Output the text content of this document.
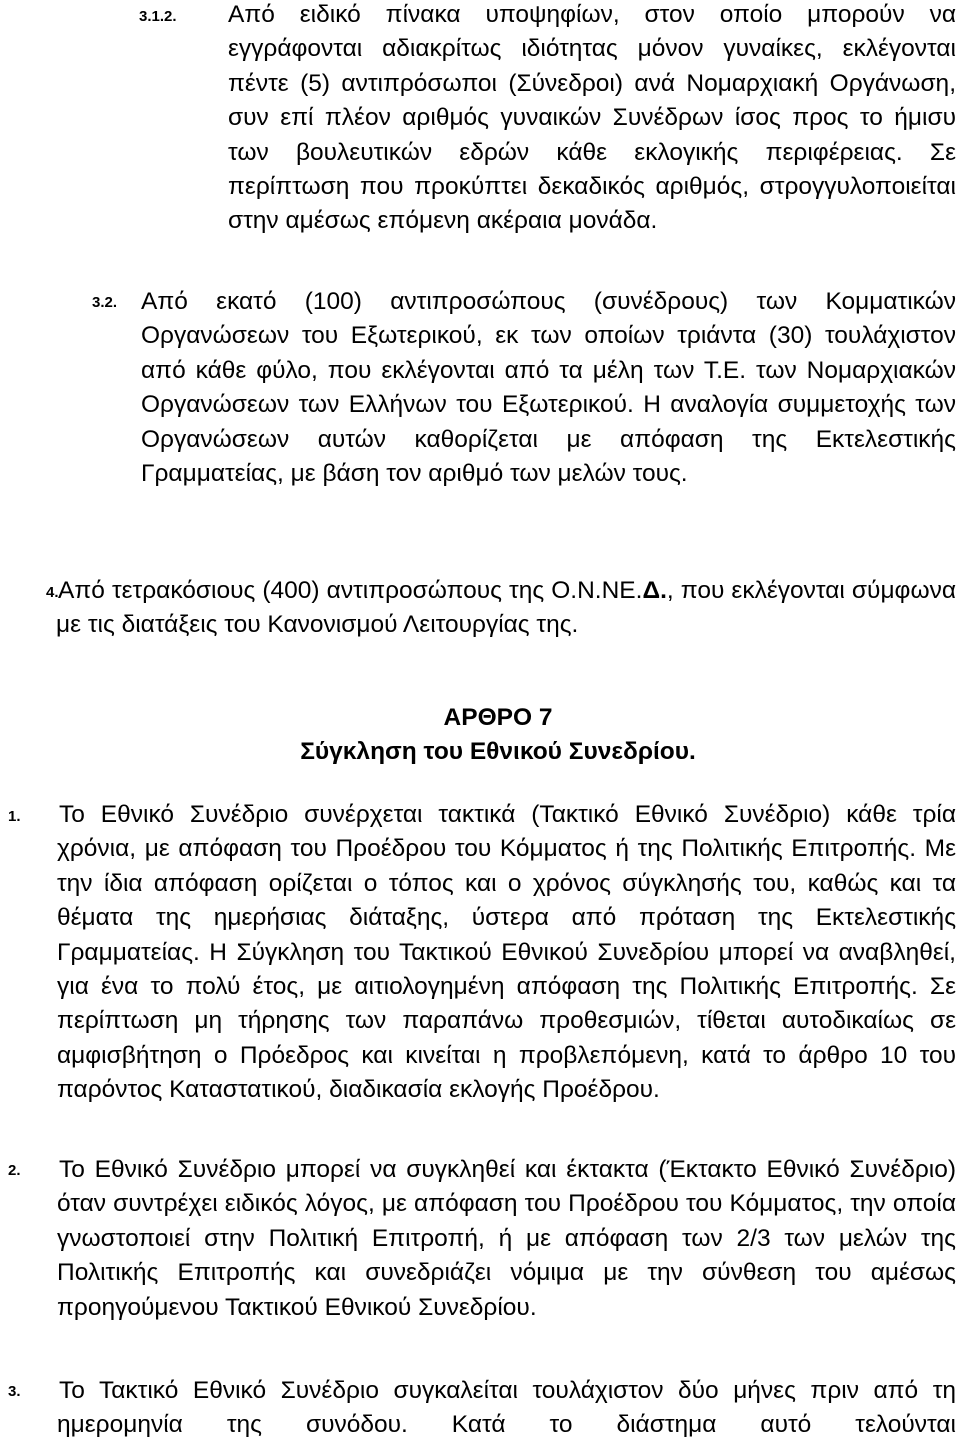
3.1.2. Από ειδικό πίνακα υποψηφίων, στον οποίο μπορούν να εγγράφονται αδιακρίτως ιδιότητας μόνον γυναίκες, εκλέγονται πέντε (5) αντιπρόσωποι (Σύνεδροι) ανά Νομαρχιακή Οργάνωση, συν επί πλέον αριθμός γυναικών Συνέδρων ίσος προς το ήμισυ των βουλευτικών εδρών κάθε εκλογικής περιφέρειας. Σε περίπτωση που προκύπτει δεκαδικός αριθμός, στρογγυλοποιείται στην αμέσως επόμενη ακέραια μονάδα.
3.2. Από εκατό (100) αντιπροσώπους (συνέδρους) των Κομματικών Οργανώσεων του Εξωτερικού, εκ των οποίων τριάντα (30) τουλάχιστον από κάθε φύλο, που εκλέγονται από τα μέλη των Τ.Ε. των Νομαρχιακών Οργανώσεων των Ελλήνων του Εξωτερικού. Η αναλογία συμμετοχής των Οργανώσεων αυτών καθορίζεται με απόφαση της Εκτελεστικής Γραμματείας, με βάση τον αριθμό των μελών τους.
4. Από τετρακόσιους (400) αντιπροσώπους της Ο.Ν.ΝΕ.Δ., που εκλέγονται σύμφωνα με τις διατάξεις του Κανονισμού Λειτουργίας της.
ΑΡΘΡΟ 7
Σύγκληση του Εθνικού Συνεδρίου.
1. Το Εθνικό Συνέδριο συνέρχεται τακτικά (Τακτικό Εθνικό Συνέδριο) κάθε τρία χρόνια, με απόφαση του Προέδρου του Κόμματος ή της Πολιτικής Επιτροπής. Με την ίδια απόφαση ορίζεται ο τόπος και ο χρόνος σύγκλησής του, καθώς και τα θέματα της ημερήσιας διάταξης, ύστερα από πρόταση της Εκτελεστικής Γραμματείας. Η Σύγκληση του Τακτικού Εθνικού Συνεδρίου μπορεί να αναβληθεί, για ένα το πολύ έτος, με αιτιολογημένη απόφαση της Πολιτικής Επιτροπής. Σε περίπτωση μη τήρησης των παραπάνω προθεσμιών, τίθεται αυτοδικαίως σε αμφισβήτηση ο Πρόεδρος και κινείται η προβλεπόμενη, κατά το άρθρο 10 του παρόντος Καταστατικού, διαδικασία εκλογής Προέδρου.
2. Το Εθνικό Συνέδριο μπορεί να συγκληθεί και έκτακτα (Έκτακτο Εθνικό Συνέδριο) όταν συντρέχει ειδικός λόγος, με απόφαση του Προέδρου του Κόμματος, την οποία γνωστοποιεί στην Πολιτική Επιτροπή, ή με απόφαση των 2/3 των μελών της Πολιτικής Επιτροπής και συνεδριάζει νόμιμα με την σύνθεση του αμέσως προηγούμενου Τακτικού Εθνικού Συνεδρίου.
3. Το Τακτικό Εθνικό Συνέδριο συγκαλείται τουλάχιστον δύο μήνες πριν από τη ημερομηνία της συνόδου. Κατά το διάστημα αυτό τελούνται
